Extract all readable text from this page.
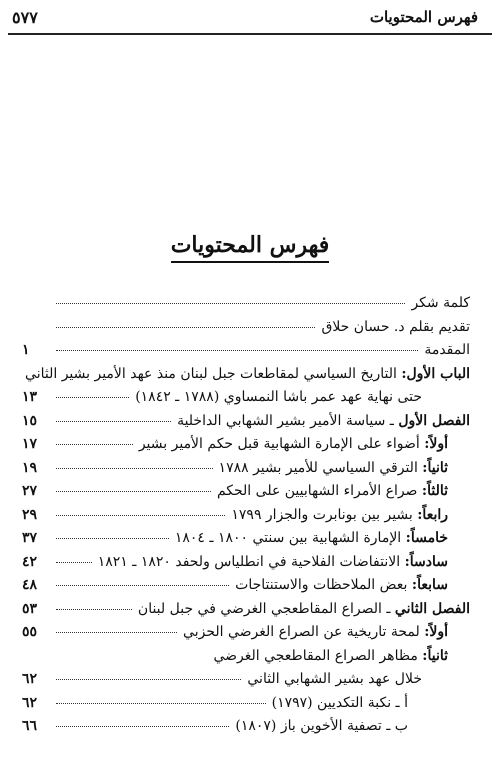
٥٧٧	فهرس المحتويات
فهرس المحتويات
كلمة شكر
تقديم بقلم د. حسان حلاق
المقدمة
١
الباب الأول: التاريخ السياسي لمقاطعات جبل لبنان منذ عهد الأمير بشير الثاني
حتى نهاية عهد عمر باشا النمساوي (١٧٨٨ ـ ١٨٤٢)
١٣
الفصل الأول ـ سياسة الأمير بشير الشهابي الداخلية
١٥
أولاً: أضواء على الإمارة الشهابية قبل حكم الأمير بشير
١٧
ثانياً: الترقي السياسي للأمير بشير ١٧٨٨
١٩
ثالثاً: صراع الأمراء الشهابيين على الحكم
٢٧
رابعاً: بشير بين بونابرت والجزار ١٧٩٩
٢٩
خامساً: الإمارة الشهابية بين سنتي ١٨٠٠ ـ ١٨٠٤
٣٧
سادساً: الانتفاضات الفلاحية في انطلياس ولحفد ١٨٢٠ ـ ١٨٢١
٤٢
سابعاً: بعض الملاحظات والاستنتاجات
٤٨
الفصل الثاني ـ الصراع المقاطعجي الغرضي في جبل لبنان
٥٣
أولاً: لمحة تاريخية عن الصراع الغرضي الحزبي
٥٥
ثانياً: مظاهر الصراع المقاطعجي الغرضي
خلال عهد بشير الشهابي الثاني
٦٢
أ ـ نكبة التكديين (١٧٩٧)
٦٢
ب ـ تصفية الأخوين باز (١٨٠٧)
٦٦
